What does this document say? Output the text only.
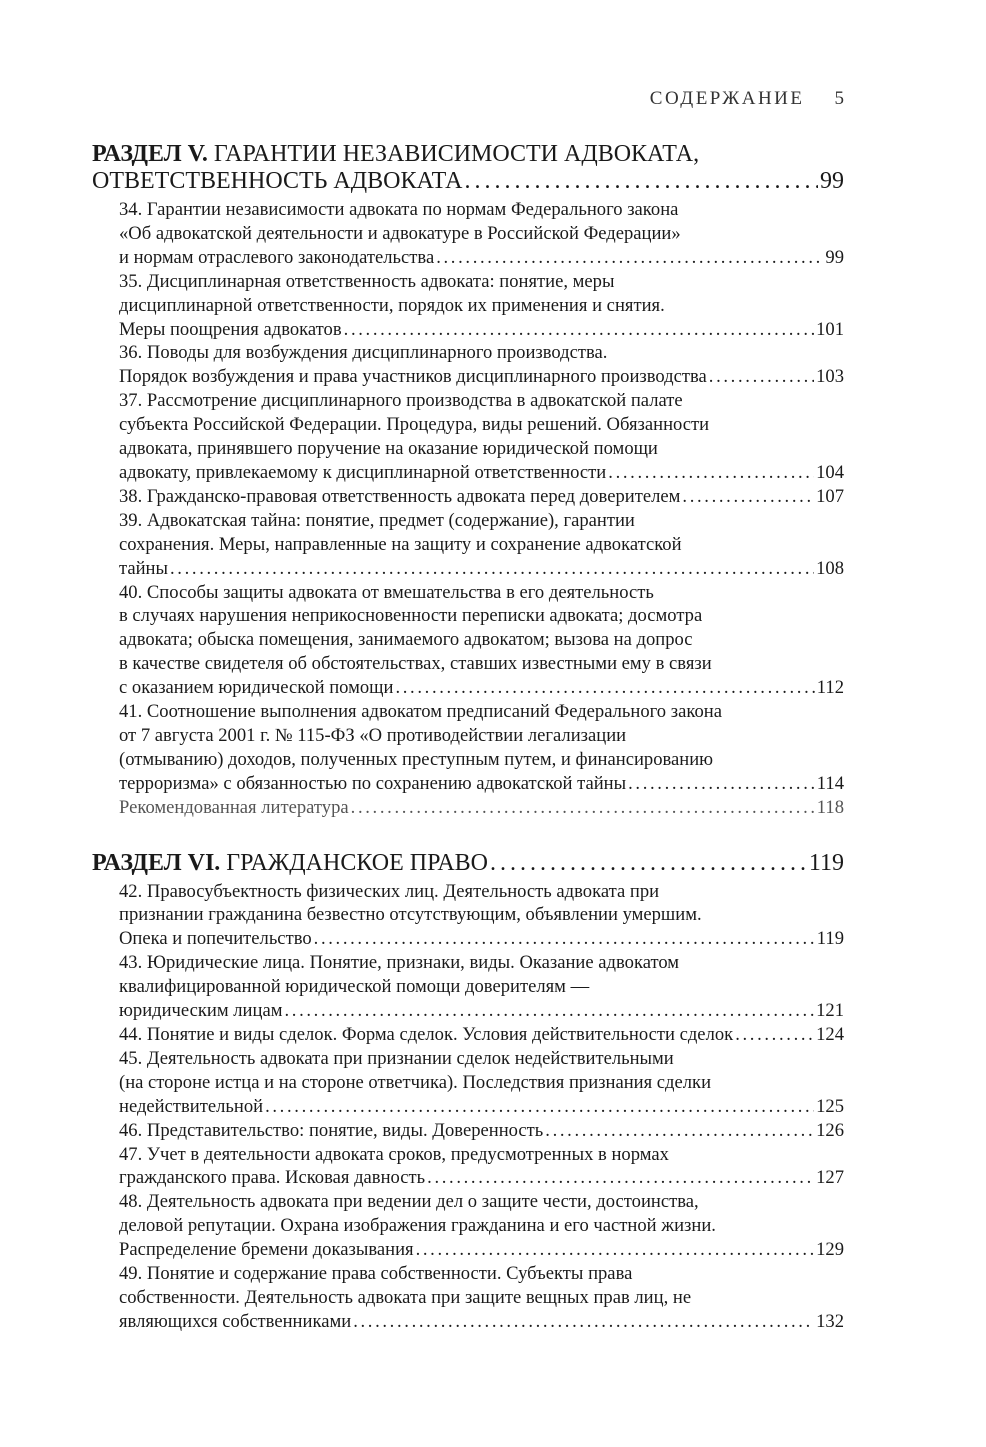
СОДЕРЖАНИЕ 5
РАЗДЕЛ V. ГАРАНТИИ НЕЗАВИСИМОСТИ АДВОКАТА,
ОТВЕТСТВЕННОСТЬ АДВОКАТА . . .	99
34. Гарантии независимости адвоката по нормам Федерального закона
«Об адвокатской деятельности и адвокатуре в Российской Федерации»
и нормам отраслевого законодательства . . .	99
35. Дисциплинарная ответственность адвоката: понятие, меры
дисциплинарной ответственности, порядок их применения и снятия.
Меры поощрения адвокатов . . .	101
36. Поводы для возбуждения дисциплинарного производства.
Порядок возбуждения и права участников дисциплинарного производства . . .	103
37. Рассмотрение дисциплинарного производства в адвокатской палате
субъекта Российской Федерации. Процедура, виды решений. Обязанности
адвоката, принявшего поручение на оказание юридической помощи
адвокату, привлекаемому к дисциплинарной ответственности . . .	104
38. Гражданско-правовая ответственность адвоката перед доверителем . . .	107
39. Адвокатская тайна: понятие, предмет (содержание), гарантии
сохранения. Меры, направленные на защиту и сохранение адвокатской
тайны . . .	108
40. Способы защиты адвоката от вмешательства в его деятельность
в случаях нарушения неприкосновенности переписки адвоката; досмотра
адвоката; обыска помещения, занимаемого адвокатом; вызова на допрос
в качестве свидетеля об обстоятельствах, ставших известными ему в связи
с оказанием юридической помощи . . .	112
41. Соотношение выполнения адвокатом предписаний Федерального закона
от 7 августа 2001 г. № 115-ФЗ «О противодействии легализации
(отмыванию) доходов, полученных преступным путем, и финансированию
терроризма» с обязанностью по сохранению адвокатской тайны . . .	114
Рекомендованная литература . . .	118
РАЗДЕЛ VI. ГРАЖДАНСКОЕ ПРАВО . . .	119
42. Правосубъектность физических лиц. Деятельность адвоката при
признании гражданина безвестно отсутствующим, объявлении умершим.
Опека и попечительство . . .	119
43. Юридические лица. Понятие, признаки, виды. Оказание адвокатом
квалифицированной юридической помощи доверителям —
юридическим лицам . . .	121
44. Понятие и виды сделок. Форма сделок. Условия действительности сделок . . .	124
45. Деятельность адвоката при признании сделок недействительными
(на стороне истца и на стороне ответчика). Последствия признания сделки
недействительной . . .	125
46. Представительство: понятие, виды. Доверенность . . .	126
47. Учет в деятельности адвоката сроков, предусмотренных в нормах
гражданского права. Исковая давность . . .	127
48. Деятельность адвоката при ведении дел о защите чести, достоинства,
деловой репутации. Охрана изображения гражданина и его частной жизни.
Распределение бремени доказывания . . .	129
49. Понятие и содержание права собственности. Субъекты права
собственности. Деятельность адвоката при защите вещных прав лиц, не
являющихся собственниками . . .	132
